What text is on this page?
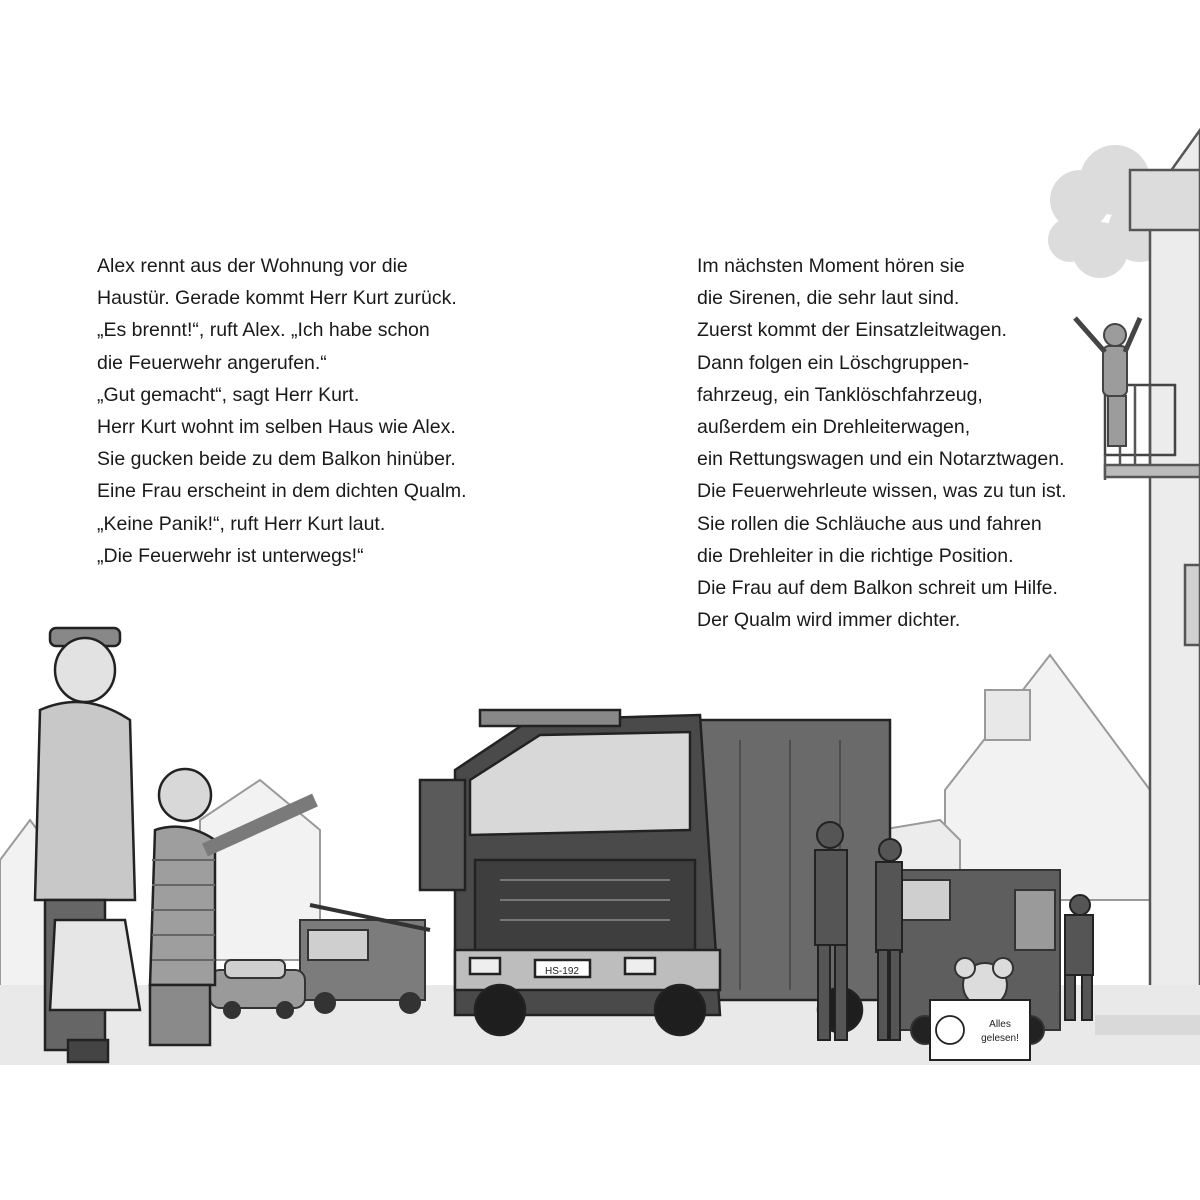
HS-192
Alles
gelesen!
Alex rennt aus der Wohnung vor die
Haustür. Gerade kommt Herr Kurt zurück.
„Es brennt!“, ruft Alex. „Ich habe schon
die Feuerwehr angerufen.“
„Gut gemacht“, sagt Herr Kurt.
Herr Kurt wohnt im selben Haus wie Alex.
Sie gucken beide zu dem Balkon hinüber.
Eine Frau erscheint in dem dichten Qualm.
„Keine Panik!“, ruft Herr Kurt laut.
„Die Feuerwehr ist unterwegs!“
Im nächsten Moment hören sie
die Sirenen, die sehr laut sind.
Zuerst kommt der Einsatzleitwagen.
Dann folgen ein Löschgruppen-
fahrzeug, ein Tanklöschfahrzeug,
außerdem ein Drehleiterwagen,
ein Rettungswagen und ein Notarztwagen.
Die Feuerwehrleute wissen, was zu tun ist.
Sie rollen die Schläuche aus und fahren
die Drehleiter in die richtige Position.
Die Frau auf dem Balkon schreit um Hilfe.
Der Qualm wird immer dichter.
